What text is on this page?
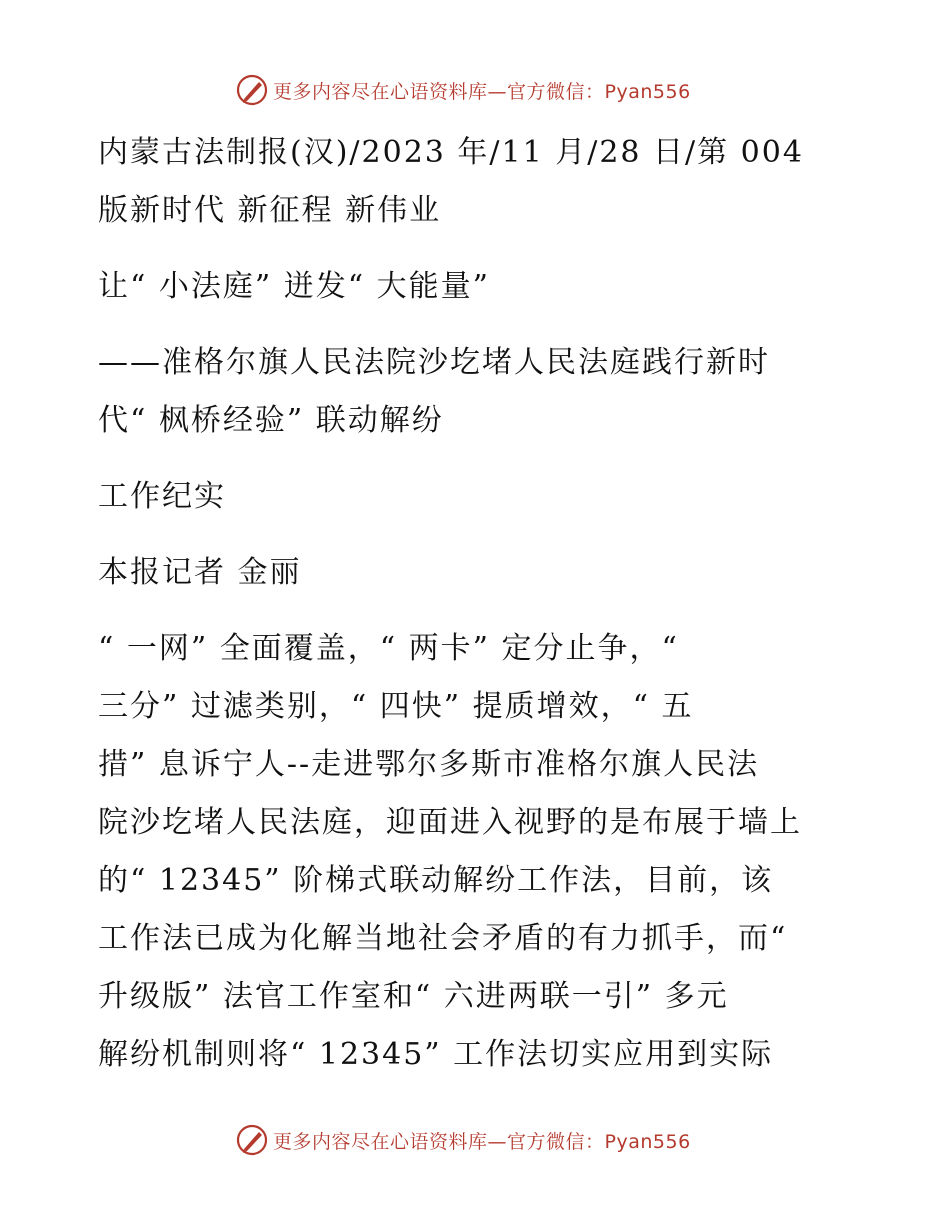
更多内容尽在心语资料库—官方微信：Pyan556
内蒙古法制报(汉)/2023 年/11 月/28 日/第 004
版新时代 新征程 新伟业
让“ 小法庭” 迸发“ 大能量”
——准格尔旗人民法院沙圪堵人民法庭践行新时
代“ 枫桥经验” 联动解纷
工作纪实
本报记者 金丽
“ 一网” 全面覆盖，“ 两卡” 定分止争，“
三分” 过滤类别，“ 四快” 提质增效，“ 五
措” 息诉宁人--走进鄂尔多斯市准格尔旗人民法
院沙圪堵人民法庭，迎面进入视野的是布展于墙上
的“ 12345” 阶梯式联动解纷工作法，目前，该
工作法已成为化解当地社会矛盾的有力抓手，而“
升级版” 法官工作室和“ 六进两联一引” 多元
解纷机制则将“ 12345” 工作法切实应用到实际
更多内容尽在心语资料库—官方微信：Pyan556
